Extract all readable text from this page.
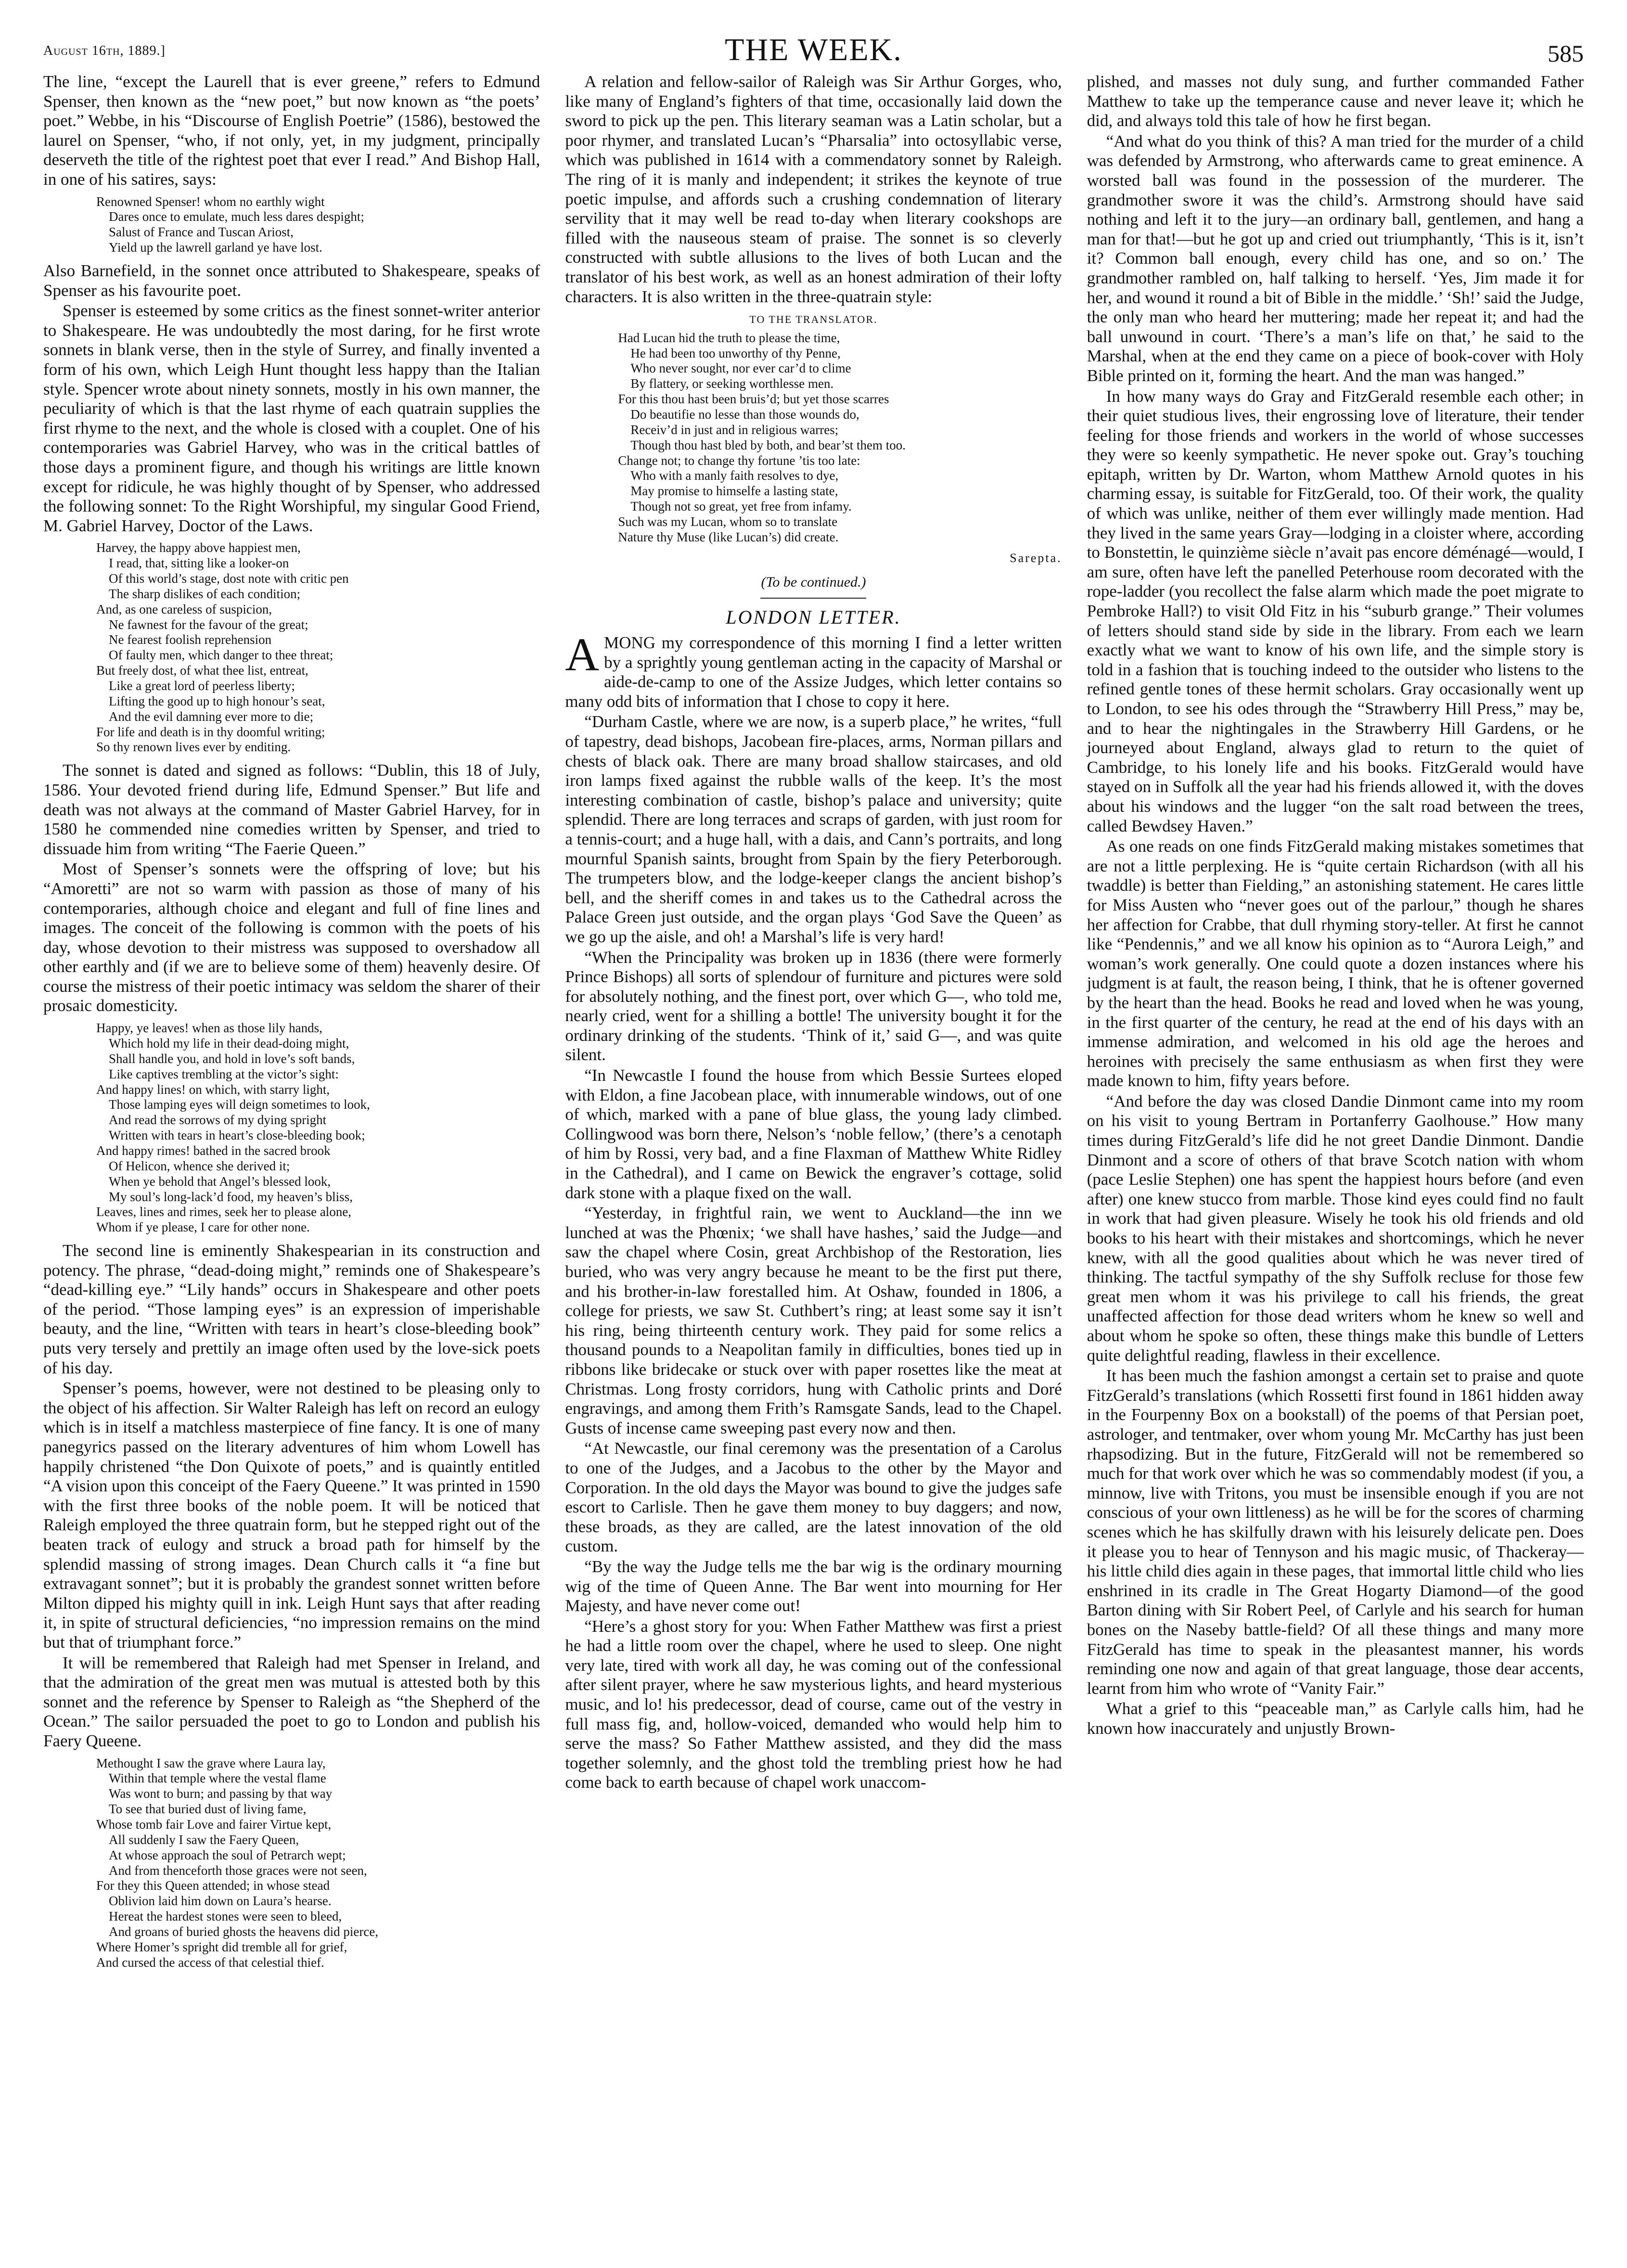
August 16th, 1889.]	THE WEEK.	585

The line, “except the Laurell that is ever greene,” refers to Edmund Spenser, then known as the “new poet,” but now known as “the poets’ poet.” Webbe, in his “Discourse of English Poetrie” (1586), bestowed the laurel on Spenser, “who, if not only, yet, in my judgment, principally deserveth the title of the rightest poet that ever I read.” And Bishop Hall, in one of his satires, says:

Renowned Spenser! whom no earthly wight
Dares once to emulate, much less dares despight;
Salust of France and Tuscan Ariost,
Yield up the lawrell garland ye have lost.

Also Barnefield, in the sonnet once attributed to Shakespeare, speaks of Spenser as his favourite poet.

Spenser is esteemed by some critics as the finest sonnet-writer anterior to Shakespeare. He was undoubtedly the most daring, for he first wrote sonnets in blank verse, then in the style of Surrey, and finally invented a form of his own, which Leigh Hunt thought less happy than the Italian style. Spencer wrote about ninety sonnets, mostly in his own manner, the peculiarity of which is that the last rhyme of each quatrain supplies the first rhyme to the next, and the whole is closed with a couplet. One of his contemporaries was Gabriel Harvey, who was in the critical battles of those days a prominent figure, and though his writings are little known except for ridicule, he was highly thought of by Spenser, who addressed the following sonnet: To the Right Worshipful, my singular Good Friend, M. Gabriel Harvey, Doctor of the Laws.

Harvey, the happy above happiest men,
I read, that, sitting like a looker-on
Of this world’s stage, dost note with critic pen
The sharp dislikes of each condition;
And, as one careless of suspicion,
Ne fawnest for the favour of the great;
Ne fearest foolish reprehension
Of faulty men, which danger to thee threat;
But freely dost, of what thee list, entreat,
Like a great lord of peerless liberty;
Lifting the good up to high honour’s seat,
And the evil damning ever more to die;
For life and death is in thy doomful writing;
So thy renown lives ever by enditing.

The sonnet is dated and signed as follows: “Dublin, this 18 of July, 1586. Your devoted friend during life, Edmund Spenser.” But life and death was not always at the command of Master Gabriel Harvey, for in 1580 he commended nine comedies written by Spenser, and tried to dissuade him from writing “The Faerie Queen.”

Most of Spenser’s sonnets were the offspring of love; but his “Amoretti” are not so warm with passion as those of many of his contemporaries, although choice and elegant and full of fine lines and images. The conceit of the following is common with the poets of his day, whose devotion to their mistress was supposed to overshadow all other earthly and (if we are to believe some of them) heavenly desire. Of course the mistress of their poetic intimacy was seldom the sharer of their prosaic domesticity.

Happy, ye leaves! when as those lily hands,
Which hold my life in their dead-doing might,
Shall handle you, and hold in love’s soft bands,
Like captives trembling at the victor’s sight:
And happy lines! on which, with starry light,
Those lamping eyes will deign sometimes to look,
And read the sorrows of my dying spright
Written with tears in heart’s close-bleeding book;
And happy rimes! bathed in the sacred brook
Of Helicon, whence she derived it;
When ye behold that Angel’s blessed look,
My soul’s long-lack’d food, my heaven’s bliss,
Leaves, lines and rimes, seek her to please alone,
Whom if ye please, I care for other none.

The second line is eminently Shakespearian in its construction and potency. The phrase, “dead-doing might,” reminds one of Shakespeare’s “dead-killing eye.” “Lily hands” occurs in Shakespeare and other poets of the period. “Those lamping eyes” is an expression of imperishable beauty, and the line, “Written with tears in heart’s close-bleeding book” puts very tersely and prettily an image often used by the love-sick poets of his day.

Spenser’s poems, however, were not destined to be pleasing only to the object of his affection. Sir Walter Raleigh has left on record an eulogy which is in itself a matchless masterpiece of fine fancy. It is one of many panegyrics passed on the literary adventures of him whom Lowell has happily christened “the Don Quixote of poets,” and is quaintly entitled “A vision upon this conceipt of the Faery Queene.” It was printed in 1590 with the first three books of the noble poem. It will be noticed that Raleigh employed the three quatrain form, but he stepped right out of the beaten track of eulogy and struck a broad path for himself by the splendid massing of strong images. Dean Church calls it “a fine but extravagant sonnet”; but it is probably the grandest sonnet written before Milton dipped his mighty quill in ink. Leigh Hunt says that after reading it, in spite of structural deficiencies, “no impression remains on the mind but that of triumphant force.”

It will be remembered that Raleigh had met Spenser in Ireland, and that the admiration of the great men was mutual is attested both by this sonnet and the reference by Spenser to Raleigh as “the Shepherd of the Ocean.” The sailor persuaded the poet to go to London and publish his Faery Queene.

Methought I saw the grave where Laura lay,
Within that temple where the vestal flame
Was wont to burn; and passing by that way
To see that buried dust of living fame,
Whose tomb fair Love and fairer Virtue kept,
All suddenly I saw the Faery Queen,
At whose approach the soul of Petrarch wept;
And from thenceforth those graces were not seen,
For they this Queen attended; in whose stead
Oblivion laid him down on Laura’s hearse.
Hereat the hardest stones were seen to bleed,
And groans of buried ghosts the heavens did pierce,
Where Homer’s spright did tremble all for grief,
And cursed the access of that celestial thief.

A relation and fellow-sailor of Raleigh was Sir Arthur Gorges, who, like many of England’s fighters of that time, occasionally laid down the sword to pick up the pen. This literary seaman was a Latin scholar, but a poor rhymer, and translated Lucan’s “Pharsalia” into octosyllabic verse, which was published in 1614 with a commendatory sonnet by Raleigh. The ring of it is manly and independent; it strikes the keynote of true poetic impulse, and affords such a crushing condemnation of literary servility that it may well be read to-day when literary cookshops are filled with the nauseous steam of praise. The sonnet is so cleverly constructed with subtle allusions to the lives of both Lucan and the translator of his best work, as well as an honest admiration of their lofty characters. It is also written in the three-quatrain style:

TO THE TRANSLATOR.
Had Lucan hid the truth to please the time,
He had been too unworthy of thy Penne,
Who never sought, nor ever car’d to clime
By flattery, or seeking worthlesse men.
For this thou hast been bruis’d; but yet those scarres
Do beautifie no lesse than those wounds do,
Receiv’d in just and in religious warres;
Though thou hast bled by both, and bear’st them too.
Change not; to change thy fortune ’tis too late:
Who with a manly faith resolves to dye,
May promise to himselfe a lasting state,
Though not so great, yet free from infamy.
Such was my Lucan, whom so to translate
Nature thy Muse (like Lucan’s) did create.
Sarepta.
(To be continued.)
LONDON LETTER.

AMONG my correspondence of this morning I find a letter written by a sprightly young gentleman acting in the capacity of Marshal or aide-de-camp to one of the Assize Judges, which letter contains so many odd bits of information that I chose to copy it here.

“Durham Castle, where we are now, is a superb place,” he writes, “full of tapestry, dead bishops, Jacobean fire-places, arms, Norman pillars and chests of black oak. There are many broad shallow staircases, and old iron lamps fixed against the rubble walls of the keep. It’s the most interesting combination of castle, bishop’s palace and university; quite splendid. There are long terraces and scraps of garden, with just room for a tennis-court; and a huge hall, with a dais, and Cann’s portraits, and long mournful Spanish saints, brought from Spain by the fiery Peterborough. The trumpeters blow, and the lodge-keeper clangs the ancient bishop’s bell, and the sheriff comes in and takes us to the Cathedral across the Palace Green just outside, and the organ plays ‘God Save the Queen’ as we go up the aisle, and oh! a Marshal’s life is very hard!

“When the Principality was broken up in 1836 (there were formerly Prince Bishops) all sorts of splendour of furniture and pictures were sold for absolutely nothing, and the finest port, over which G—, who told me, nearly cried, went for a shilling a bottle! The university bought it for the ordinary drinking of the students. ‘Think of it,’ said G—, and was quite silent.

“In Newcastle I found the house from which Bessie Surtees eloped with Eldon, a fine Jacobean place, with innumerable windows, out of one of which, marked with a pane of blue glass, the young lady climbed. Collingwood was born there, Nelson’s ‘noble fellow,’ (there’s a cenotaph of him by Rossi, very bad, and a fine Flaxman of Matthew White Ridley in the Cathedral), and I came on Bewick the engraver’s cottage, solid dark stone with a plaque fixed on the wall.

“Yesterday, in frightful rain, we went to Auckland—the inn we lunched at was the Phœnix; ‘we shall have hashes,’ said the Judge—and saw the chapel where Cosin, great Archbishop of the Restoration, lies buried, who was very angry because he meant to be the first put there, and his brother-in-law forestalled him. At Oshaw, founded in 1806, a college for priests, we saw St. Cuthbert’s ring; at least some say it isn’t his ring, being thirteenth century work. They paid for some relics a thousand pounds to a Neapolitan family in difficulties, bones tied up in ribbons like bridecake or stuck over with paper rosettes like the meat at Christmas. Long frosty corridors, hung with Catholic prints and Doré engravings, and among them Frith’s Ramsgate Sands, lead to the Chapel. Gusts of incense came sweeping past every now and then.

“At Newcastle, our final ceremony was the presentation of a Carolus to one of the Judges, and a Jacobus to the other by the Mayor and Corporation. In the old days the Mayor was bound to give the judges safe escort to Carlisle. Then he gave them money to buy daggers; and now, these broads, as they are called, are the latest innovation of the old custom.

“By the way the Judge tells me the bar wig is the ordinary mourning wig of the time of Queen Anne. The Bar went into mourning for Her Majesty, and have never come out!

“Here’s a ghost story for you: When Father Matthew was first a priest he had a little room over the chapel, where he used to sleep. One night very late, tired with work all day, he was coming out of the confessional after silent prayer, where he saw mysterious lights, and heard mysterious music, and lo! his predecessor, dead of course, came out of the vestry in full mass fig, and, hollow-voiced, demanded who would help him to serve the mass? So Father Matthew assisted, and they did the mass together solemnly, and the ghost told the trembling priest how he had come back to earth because of chapel work unaccom-

plished, and masses not duly sung, and further commanded Father Matthew to take up the temperance cause and never leave it; which he did, and always told this tale of how he first began.

“And what do you think of this? A man tried for the murder of a child was defended by Armstrong, who afterwards came to great eminence. A worsted ball was found in the possession of the murderer. The grandmother swore it was the child’s. Armstrong should have said nothing and left it to the jury—an ordinary ball, gentlemen, and hang a man for that!—but he got up and cried out triumphantly, ‘This is it, isn’t it? Common ball enough, every child has one, and so on.’ The grandmother rambled on, half talking to herself. ‘Yes, Jim made it for her, and wound it round a bit of Bible in the middle.’ ‘Sh!’ said the Judge, the only man who heard her muttering; made her repeat it; and had the ball unwound in court. ‘There’s a man’s life on that,’ he said to the Marshal, when at the end they came on a piece of book-cover with Holy Bible printed on it, forming the heart. And the man was hanged.”

In how many ways do Gray and FitzGerald resemble each other; in their quiet studious lives, their engrossing love of literature, their tender feeling for those friends and workers in the world of whose successes they were so keenly sympathetic. He never spoke out. Gray’s touching epitaph, written by Dr. Warton, whom Matthew Arnold quotes in his charming essay, is suitable for FitzGerald, too. Of their work, the quality of which was unlike, neither of them ever willingly made mention. Had they lived in the same years Gray—lodging in a cloister where, according to Bonstettin, le quinzième siècle n’avait pas encore déménagé—would, I am sure, often have left the panelled Peterhouse room decorated with the rope-ladder (you recollect the false alarm which made the poet migrate to Pembroke Hall?) to visit Old Fitz in his “suburb grange.” Their volumes of letters should stand side by side in the library. From each we learn exactly what we want to know of his own life, and the simple story is told in a fashion that is touching indeed to the outsider who listens to the refined gentle tones of these hermit scholars. Gray occasionally went up to London, to see his odes through the “Strawberry Hill Press,” may be, and to hear the nightingales in the Strawberry Hill Gardens, or he journeyed about England, always glad to return to the quiet of Cambridge, to his lonely life and his books. FitzGerald would have stayed on in Suffolk all the year had his friends allowed it, with the doves about his windows and the lugger “on the salt road between the trees, called Bewdsey Haven.”

As one reads on one finds FitzGerald making mistakes sometimes that are not a little perplexing. He is “quite certain Richardson (with all his twaddle) is better than Fielding,” an astonishing statement. He cares little for Miss Austen who “never goes out of the parlour,” though he shares her affection for Crabbe, that dull rhyming story-teller. At first he cannot like “Pendennis,” and we all know his opinion as to “Aurora Leigh,” and woman’s work generally. One could quote a dozen instances where his judgment is at fault, the reason being, I think, that he is oftener governed by the heart than the head. Books he read and loved when he was young, in the first quarter of the century, he read at the end of his days with an immense admiration, and welcomed in his old age the heroes and heroines with precisely the same enthusiasm as when first they were made known to him, fifty years before.

“And before the day was closed Dandie Dinmont came into my room on his visit to young Bertram in Portanferry Gaolhouse.” How many times during FitzGerald’s life did he not greet Dandie Dinmont. Dandie Dinmont and a score of others of that brave Scotch nation with whom (pace Leslie Stephen) one has spent the happiest hours before (and even after) one knew stucco from marble. Those kind eyes could find no fault in work that had given pleasure. Wisely he took his old friends and old books to his heart with their mistakes and shortcomings, which he never knew, with all the good qualities about which he was never tired of thinking. The tactful sympathy of the shy Suffolk recluse for those few great men whom it was his privilege to call his friends, the great unaffected affection for those dead writers whom he knew so well and about whom he spoke so often, these things make this bundle of Letters quite delightful reading, flawless in their excellence.

It has been much the fashion amongst a certain set to praise and quote FitzGerald’s translations (which Rossetti first found in 1861 hidden away in the Fourpenny Box on a bookstall) of the poems of that Persian poet, astrologer, and tentmaker, over whom young Mr. McCarthy has just been rhapsodizing. But in the future, FitzGerald will not be remembered so much for that work over which he was so commendably modest (if you, a minnow, live with Tritons, you must be insensible enough if you are not conscious of your own littleness) as he will be for the scores of charming scenes which he has skilfully drawn with his leisurely delicate pen. Does it please you to hear of Tennyson and his magic music, of Thackeray—his little child dies again in these pages, that immortal little child who lies enshrined in its cradle in The Great Hogarty Diamond—of the good Barton dining with Sir Robert Peel, of Carlyle and his search for human bones on the Naseby battle-field? Of all these things and many more FitzGerald has time to speak in the pleasantest manner, his words reminding one now and again of that great language, those dear accents, learnt from him who wrote of “Vanity Fair.”

What a grief to this “peaceable man,” as Carlyle calls him, had he known how inaccurately and unjustly Brown-
